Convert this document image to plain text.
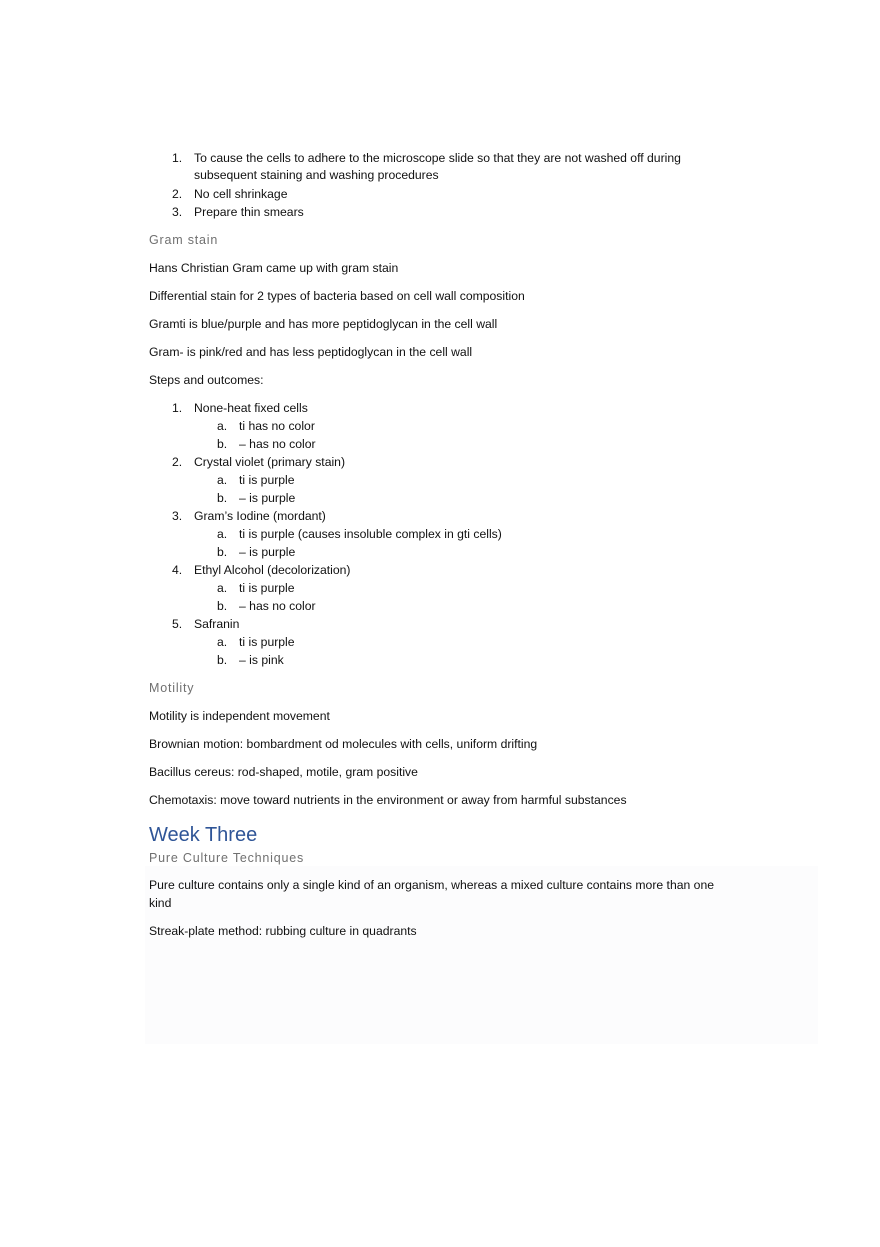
1. To cause the cells to adhere to the microscope slide so that they are not washed off during
subsequent staining and washing procedures
2. No cell shrinkage
3. Prepare thin smears
Gram stain
Hans Christian Gram came up with gram stain
Differential stain for 2 types of bacteria based on cell wall composition
Gramti is blue/purple and has more peptidoglycan in the cell wall
Gram- is pink/red and has less peptidoglycan in the cell wall
Steps and outcomes:
1. None-heat fixed cells
a. ti has no color
b. – has no color
2. Crystal violet (primary stain)
a. ti is purple
b. – is purple
3. Gram’s Iodine (mordant)
a. ti is purple (causes insoluble complex in gti cells)
b. – is purple
4. Ethyl Alcohol (decolorization)
a. ti is purple
b. – has no color
5. Safranin
a. ti is purple
b. – is pink
Motility
Motility is independent movement
Brownian motion: bombardment od molecules with cells, uniform drifting
Bacillus cereus: rod-shaped, motile, gram positive
Chemotaxis: move toward nutrients in the environment or away from harmful substances
Week Three
Pure Culture Techniques
Pure culture contains only a single kind of an organism, whereas a mixed culture contains more than one
kind
Streak-plate method: rubbing culture in quadrants
